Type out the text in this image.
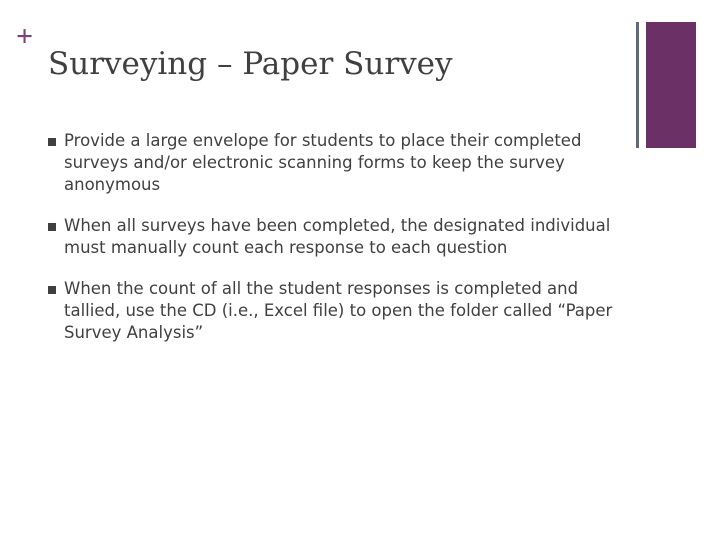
+
Surveying – Paper Survey
Provide a large envelope for students to place their completed surveys and/or electronic scanning forms to keep the survey anonymous
When all surveys have been completed, the designated individual must manually count each response to each question
When the count of all the student responses is completed and tallied, use the CD (i.e., Excel file) to open the folder called “Paper Survey Analysis”
